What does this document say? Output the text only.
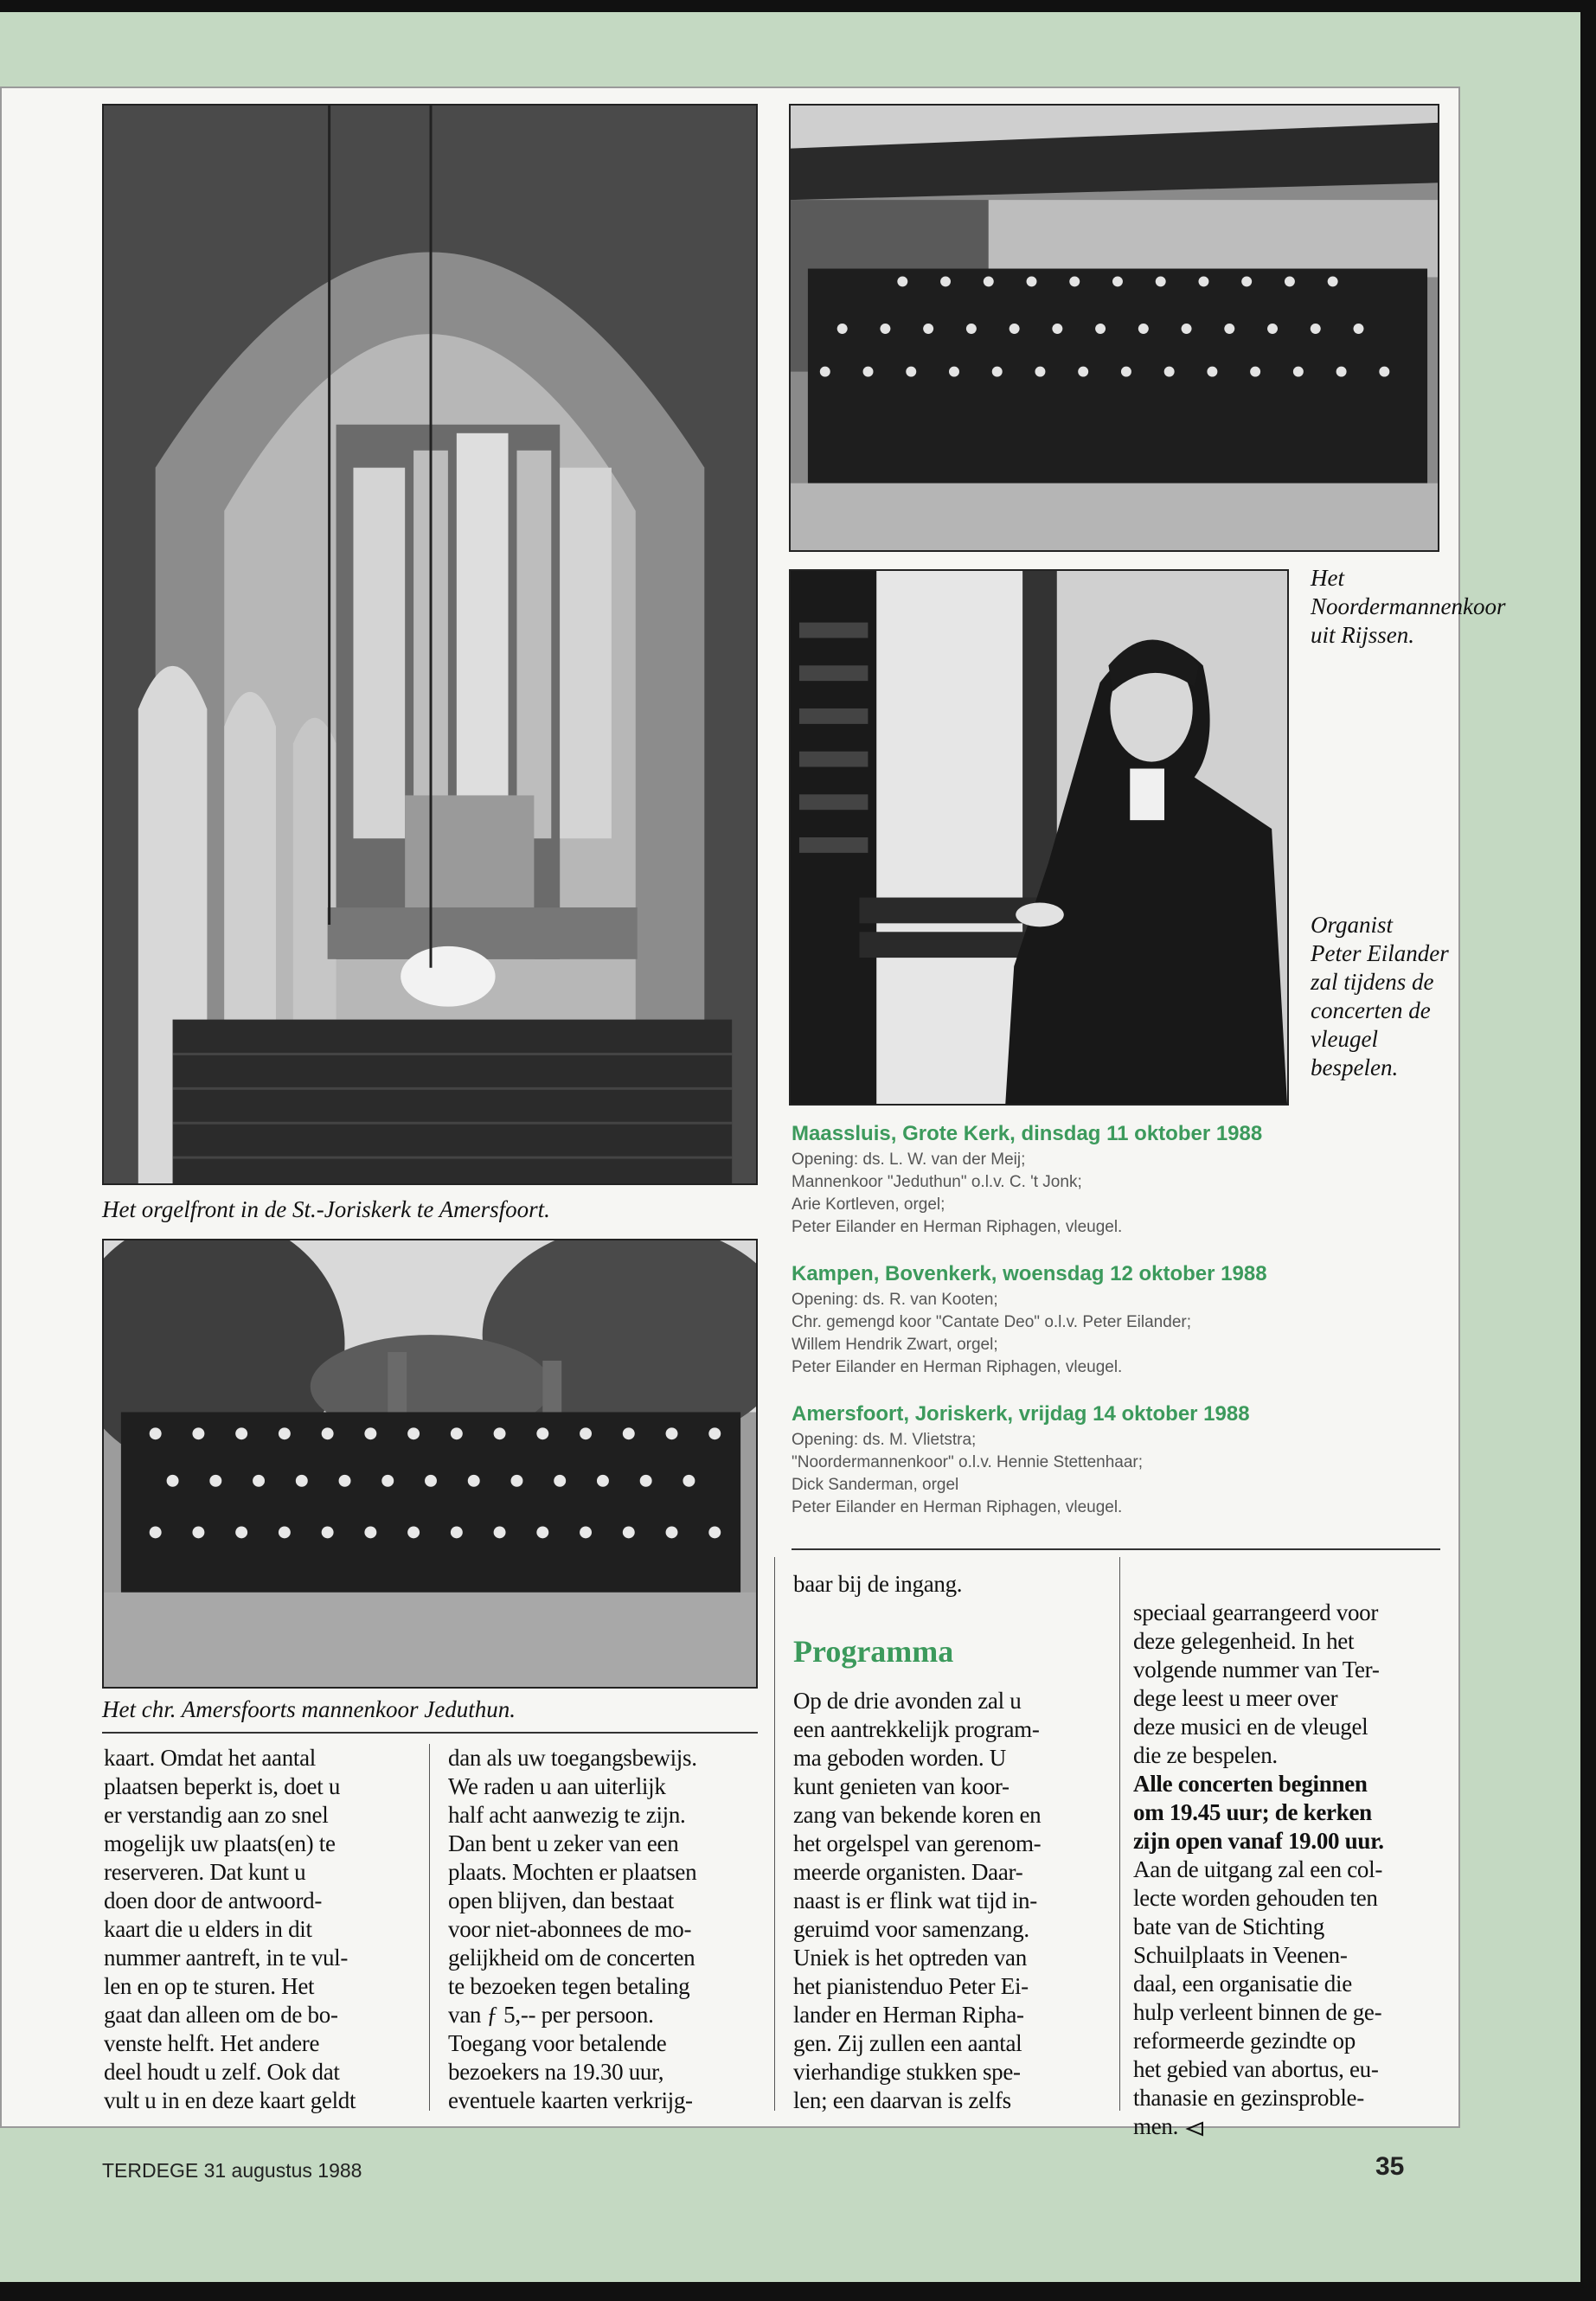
Het orgelfront in de St.-Joriskerk te Amersfoort.
Het chr. Amersfoorts mannenkoor Jeduthun.
Het Noordermannenkoor uit Rijssen.
Organist Peter Eilander zal tijdens de concerten de vleugel bespelen.
Maassluis, Grote Kerk, dinsdag 11 oktober 1988
Opening: ds. L. W. van der Meij;
Mannenkoor "Jeduthun" o.l.v. C. 't Jonk;
Arie Kortleven, orgel;
Peter Eilander en Herman Riphagen, vleugel.
Kampen, Bovenkerk, woensdag 12 oktober 1988
Opening: ds. R. van Kooten;
Chr. gemengd koor "Cantate Deo" o.l.v. Peter Eilander;
Willem Hendrik Zwart, orgel;
Peter Eilander en Herman Riphagen, vleugel.
Amersfoort, Joriskerk, vrijdag 14 oktober 1988
Opening: ds. M. Vlietstra;
"Noordermannenkoor" o.l.v. Hennie Stettenhaar;
Dick Sanderman, orgel
Peter Eilander en Herman Riphagen, vleugel.
kaart. Omdat het aantal
plaatsen beperkt is, doet u
er verstandig aan zo snel
mogelijk uw plaats(en) te
reserveren. Dat kunt u
doen door de antwoord-
kaart die u elders in dit
nummer aantreft, in te vul-
len en op te sturen. Het
gaat dan alleen om de bo-
venste helft. Het andere
deel houdt u zelf. Ook dat
vult u in en deze kaart geldt
dan als uw toegangsbewijs.
We raden u aan uiterlijk
half acht aanwezig te zijn.
Dan bent u zeker van een
plaats. Mochten er plaatsen
open blijven, dan bestaat
voor niet-abonnees de mo-
gelijkheid om de concerten
te bezoeken tegen betaling
van ƒ 5,-- per persoon.
Toegang voor betalende
bezoekers na 19.30 uur,
eventuele kaarten verkrijg-
baar bij de ingang.
Programma
Op de drie avonden zal u
een aantrekkelijk program-
ma geboden worden. U
kunt genieten van koor-
zang van bekende koren en
het orgelspel van gerenom-
meerde organisten. Daar-
naast is er flink wat tijd in-
geruimd voor samenzang.
Uniek is het optreden van
het pianistenduo Peter Ei-
lander en Herman Ripha-
gen. Zij zullen een aantal
vierhandige stukken spe-
len; een daarvan is zelfs

speciaal gearrangeerd voor
deze gelegenheid. In het
volgende nummer van Ter-
dege leest u meer over
deze musici en de vleugel
die ze bespelen.
Alle concerten beginnen
om 19.45 uur; de kerken
zijn open vanaf 19.00 uur.
Aan de uitgang zal een col-
lecte worden gehouden ten
bate van de Stichting
Schuilplaats in Veenen-
daal, een organisatie die
hulp verleent binnen de ge-
reformeerde gezindte op
het gebied van abortus, eu-
thanasie en gezinsproble-
men.

TERDEGE 31 augustus 1988	35
